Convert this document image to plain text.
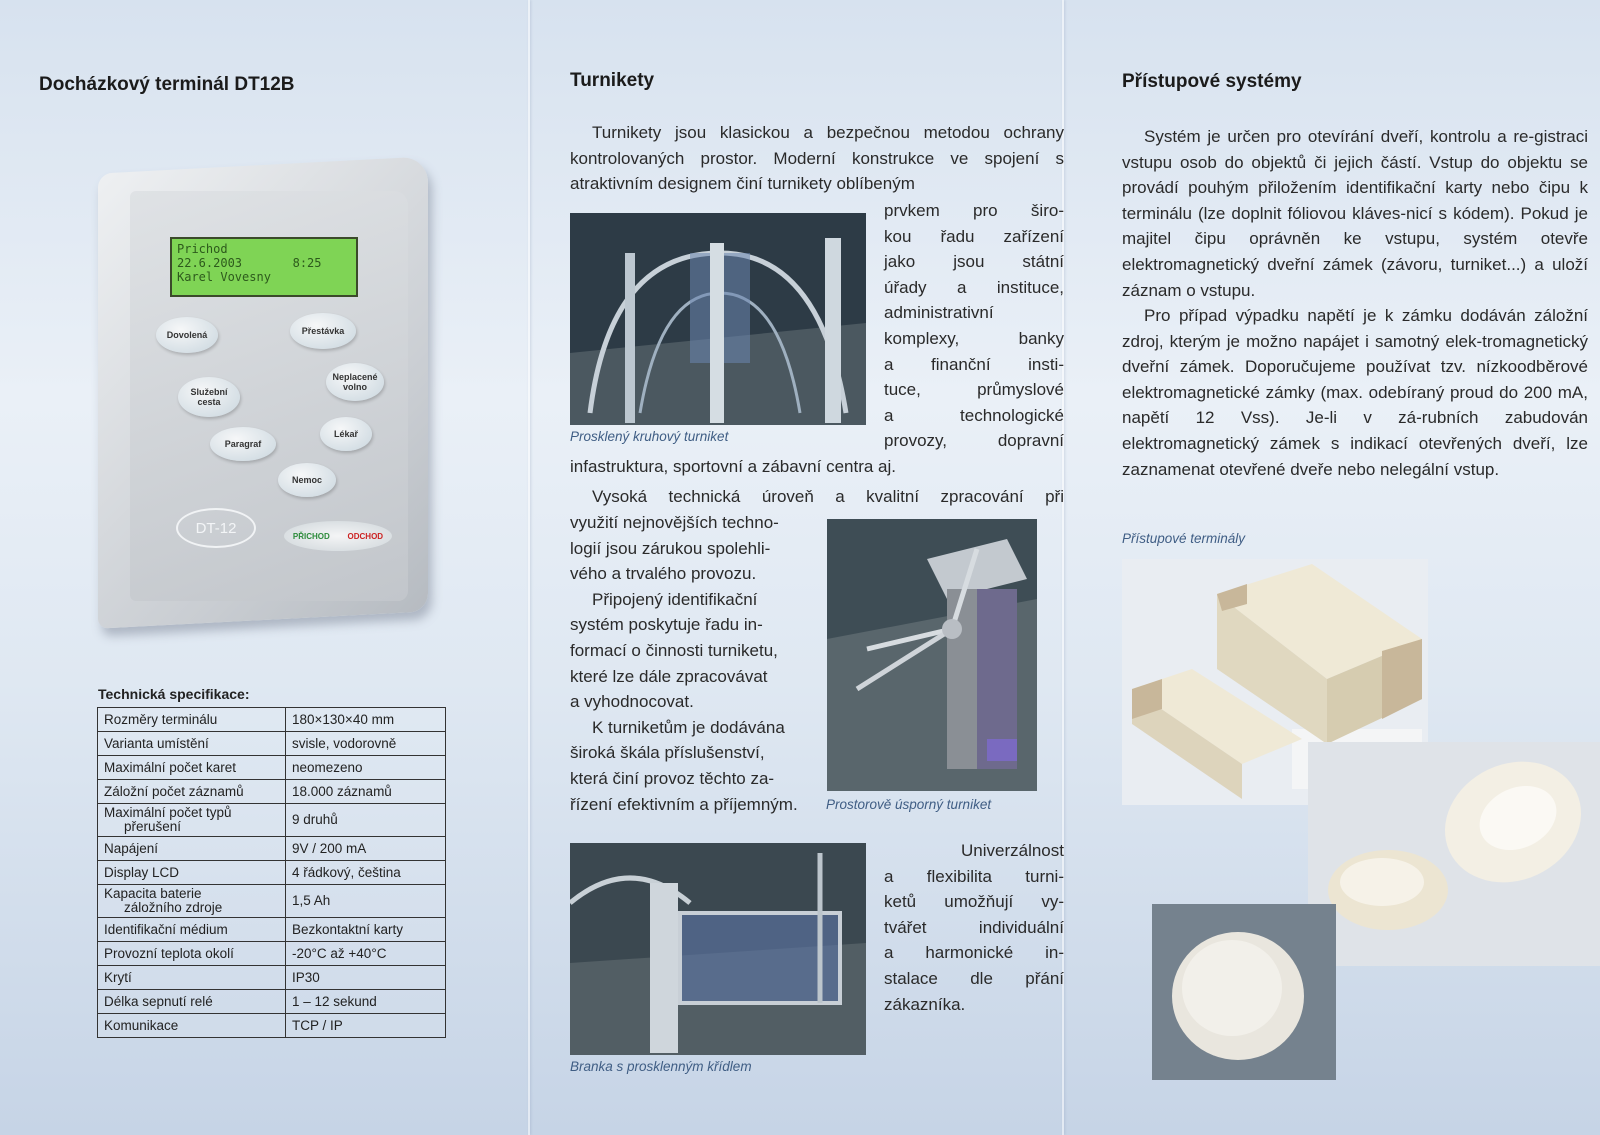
Docházkový terminál DT12B
Prichod
22.6.2003       8:25
Karel Vovesny
Dovolená	Přestávka
Neplacené volno
Služební cesta
Lékař
Paragraf
Nemoc
DT-12	PŘICHOD ODCHOD
Technická specifikace:
Rozměry terminálu	180×130×40 mm
Varianta umístění	svisle, vodorovně
Maximální počet karet	neomezeno
Záložní počet záznamů	18.000 záznamů
Maximální počet typů
přerušení	9 druhů
Napájení	9V / 200 mA
Display LCD	4 řádkový, čeština
Kapacita baterie
záložního zdroje	1,5 Ah
Identifikační médium	Bezkontaktní karty
Provozní teplota okolí	-20°C až +40°C
Krytí	IP30
Délka sepnutí relé	1 – 12 sekund
Komunikace	TCP / IP
Turnikety

Turnikety jsou klasickou a bezpečnou metodou ochrany kontrolovaných prostor. Moderní konstrukce ve spojení s atraktivním designem činí turnikety oblíbeným

Prosklený kruhový turniket
prvkem pro širo-
kou řadu zařízení
jako jsou státní
úřady a instituce,
administrativní
komplexy, banky
a finanční insti-
tuce, průmyslové
a technologické
provozy, dopravní

infastruktura, sportovní a zábavní centra aj.

Vysoká technická úroveň a kvalitní zpracování při

využití nejnovějších techno-
logií jsou zárukou spolehli-
vého a trvalého provozu.
Připojený identifikační
systém poskytuje řadu in-
formací o činnosti turniketu,
které lze dále zpracovávat
a vyhodnocovat.
K turniketům je dodávána
široká škála příslušenství,
která činí provoz těchto za-
řízení efektivním a příjemným.	Prostorově úsporný turniket
Branka s prosklenným křídlem
Univerzálnost
a flexibilita turni-
ketů umožňují vy-
tvářet individuální
a harmonické in-
stalace dle přání
zákazníka.
Přístupové systémy

Systém je určen pro otevírání dveří, kontrolu a re-gistraci vstupu osob do objektů či jejich částí. Vstup do objektu se provádí pouhým přiložením identifikační karty nebo čipu k terminálu (lze doplnit fóliovou kláves-nicí s kódem). Pokud je majitel čipu oprávněn ke vstupu, systém otevře elektromagnetický dveřní zámek (závoru, turniket...) a uloží záznam o vstupu.

Pro případ výpadku napětí je k zámku dodáván záložní zdroj, kterým je možno napájet i samotný elek-tromagnetický dveřní zámek. Doporučujeme používat tzv. nízkoodběrové elektromagnetické zámky (max. odebíraný proud do 200 mA, napětí 12 Vss). Je-li v zá-rubních zabudován elektromagnetický zámek s indikací otevřených dveří, lze zaznamenat otevřené dveře nebo nelegální vstup.

Přístupové terminály
